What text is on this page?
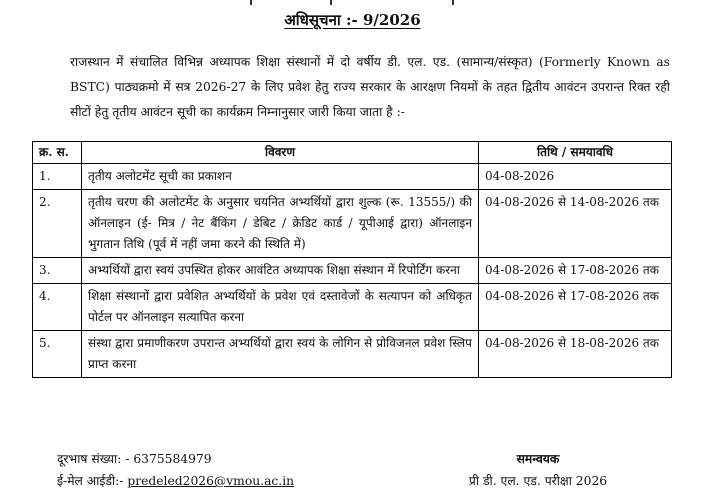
अधिसूचना :- 9/2026
राजस्थान में संचालित विभिन्न अध्यापक शिक्षा संस्थानों में दो वर्षीय डी. एल. एड. (सामान्य/संस्कृत) (Formerly Known as BSTC) पाठ्यक्रमो में सत्र 2026-27 के लिए प्रवेश हेतु राज्य सरकार के आरक्षण नियमों के तहत द्वितीय आवंटन उपरान्त रिक्त रही सीटों हेतु तृतीय आवंटन सूची का कार्यक्रम निम्नानुसार जारी किया जाता है :-
क्र. स.	विवरण	तिथि / समयावधि
1.	तृतीय अलोटमेंट सूची का प्रकाशन	04-08-2026
2.	तृतीय चरण की अलोटमेंट के अनुसार चयनित अभ्यर्थियों द्वारा शुल्क (रू. 13555/) की ऑनलाइन (ई- मित्र / नेट बैंकिंग / डेबिट / क्रेडिट कार्ड / यूपीआई द्वारा) ऑनलाइन भुगतान तिथि (पूर्व में नहीं जमा करने की स्थिति में)	04-08-2026 से 14-08-2026 तक
3.	अभ्यर्थियों द्वारा स्वयं उपस्थित होकर आवंटित अध्यापक शिक्षा संस्थान में रिपोर्टिंग करना	04-08-2026 से 17-08-2026 तक
4.	शिक्षा संस्थानों द्वारा प्रवेशित अभ्यर्थियों के प्रवेश एवं दस्तावेजों के सत्यापन को अधिकृत पोर्टल पर ऑनलाइन सत्यापित करना	04-08-2026 से 17-08-2026 तक
5.	संस्था द्वारा प्रमाणीकरण उपरान्त अभ्यर्थियों द्वारा स्वयं के लोगिन से प्रोविजनल प्रवेश स्लिप प्राप्त करना	04-08-2026 से 18-08-2026 तक
दूरभाष संख्या: - 6375584979
ई-मेल आईडी:- predeled2026@vmou.ac.in
समन्वयक
प्री डी. एल. एड. परीक्षा 2026
